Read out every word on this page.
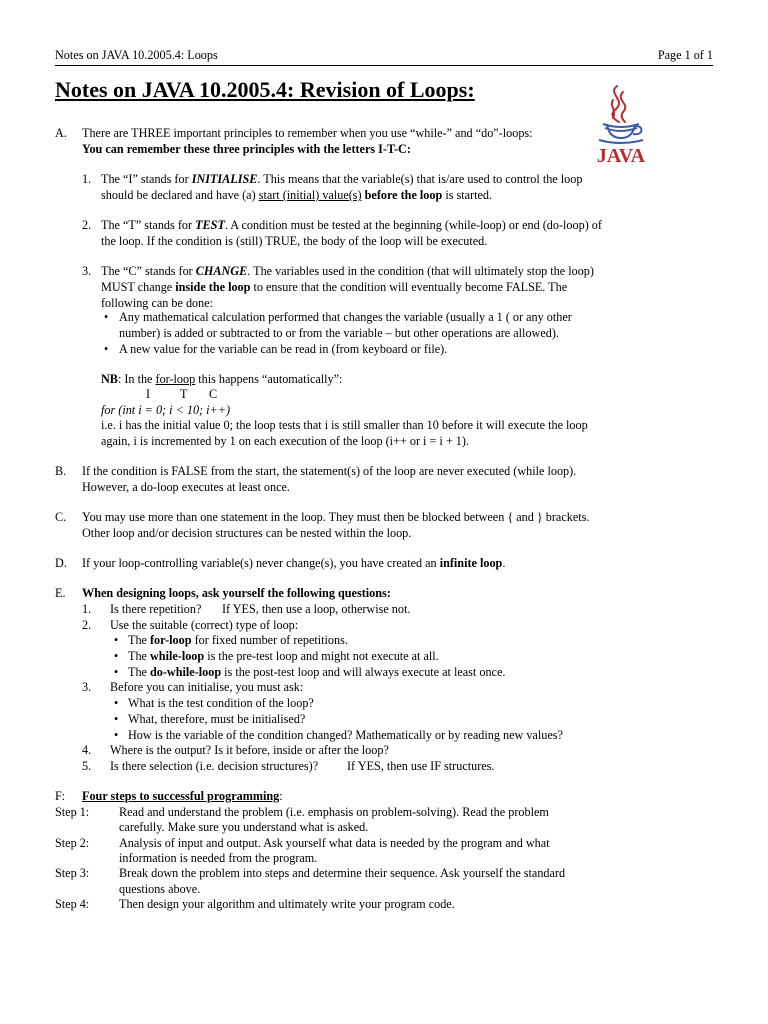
Notes on JAVA 10.2005.4: Loops	Page 1 of 1
Notes on JAVA 10.2005.4: Revision of Loops:
JAVA
A. There are THREE important principles to remember when you use “while-” and “do”-loops:
You can remember these three principles with the letters I-T-C:
1. The “I” stands for INITIALISE. This means that the variable(s) that is/are used to control the loop
should be declared and have (a) start (initial) value(s) before the loop is started.
2. The “T” stands for TEST. A condition must be tested at the beginning (while-loop) or end (do-loop) of
the loop. If the condition is (still) TRUE, the body of the loop will be executed.
3. The “C” stands for CHANGE. The variables used in the condition (that will ultimately stop the loop)
MUST change inside the loop to ensure that the condition will eventually become FALSE. The
following can be done:
• Any mathematical calculation performed that changes the variable (usually a 1 ( or any other
number) is added or subtracted to or from the variable – but other operations are allowed).
• A new value for the variable can be read in (from keyboard or file).
NB: In the for-loop this happens “automatically”:
I T C
for (int i = 0; i < 10; i++)
i.e. i has the initial value 0; the loop tests that i is still smaller than 10 before it will execute the loop
again, i is incremented by 1 on each execution of the loop (i++ or i = i + 1).
B. If the condition is FALSE from the start, the statement(s) of the loop are never executed (while loop).
However, a do-loop executes at least once.
C. You may use more than one statement in the loop. They must then be blocked between { and } brackets.
Other loop and/or decision structures can be nested within the loop.
D. If your loop-controlling variable(s) never change(s), you have created an infinite loop.
E. When designing loops, ask yourself the following questions:
1. Is there repetition? If YES, then use a loop, otherwise not.
2. Use the suitable (correct) type of loop:
• The for-loop for fixed number of repetitions.
• The while-loop is the pre-test loop and might not execute at all.
• The do-while-loop is the post-test loop and will always execute at least once.
3. Before you can initialise, you must ask:
• What is the test condition of the loop?
• What, therefore, must be initialised?
• How is the variable of the condition changed? Mathematically or by reading new values?
4. Where is the output? Is it before, inside or after the loop?
5. Is there selection (i.e. decision structures)? If YES, then use IF structures.
F: Four steps to successful programming:
Step 1: Read and understand the problem (i.e. emphasis on problem-solving). Read the problem
carefully. Make sure you understand what is asked.
Step 2: Analysis of input and output. Ask yourself what data is needed by the program and what
information is needed from the program.
Step 3: Break down the problem into steps and determine their sequence. Ask yourself the standard
questions above.
Step 4: Then design your algorithm and ultimately write your program code.
